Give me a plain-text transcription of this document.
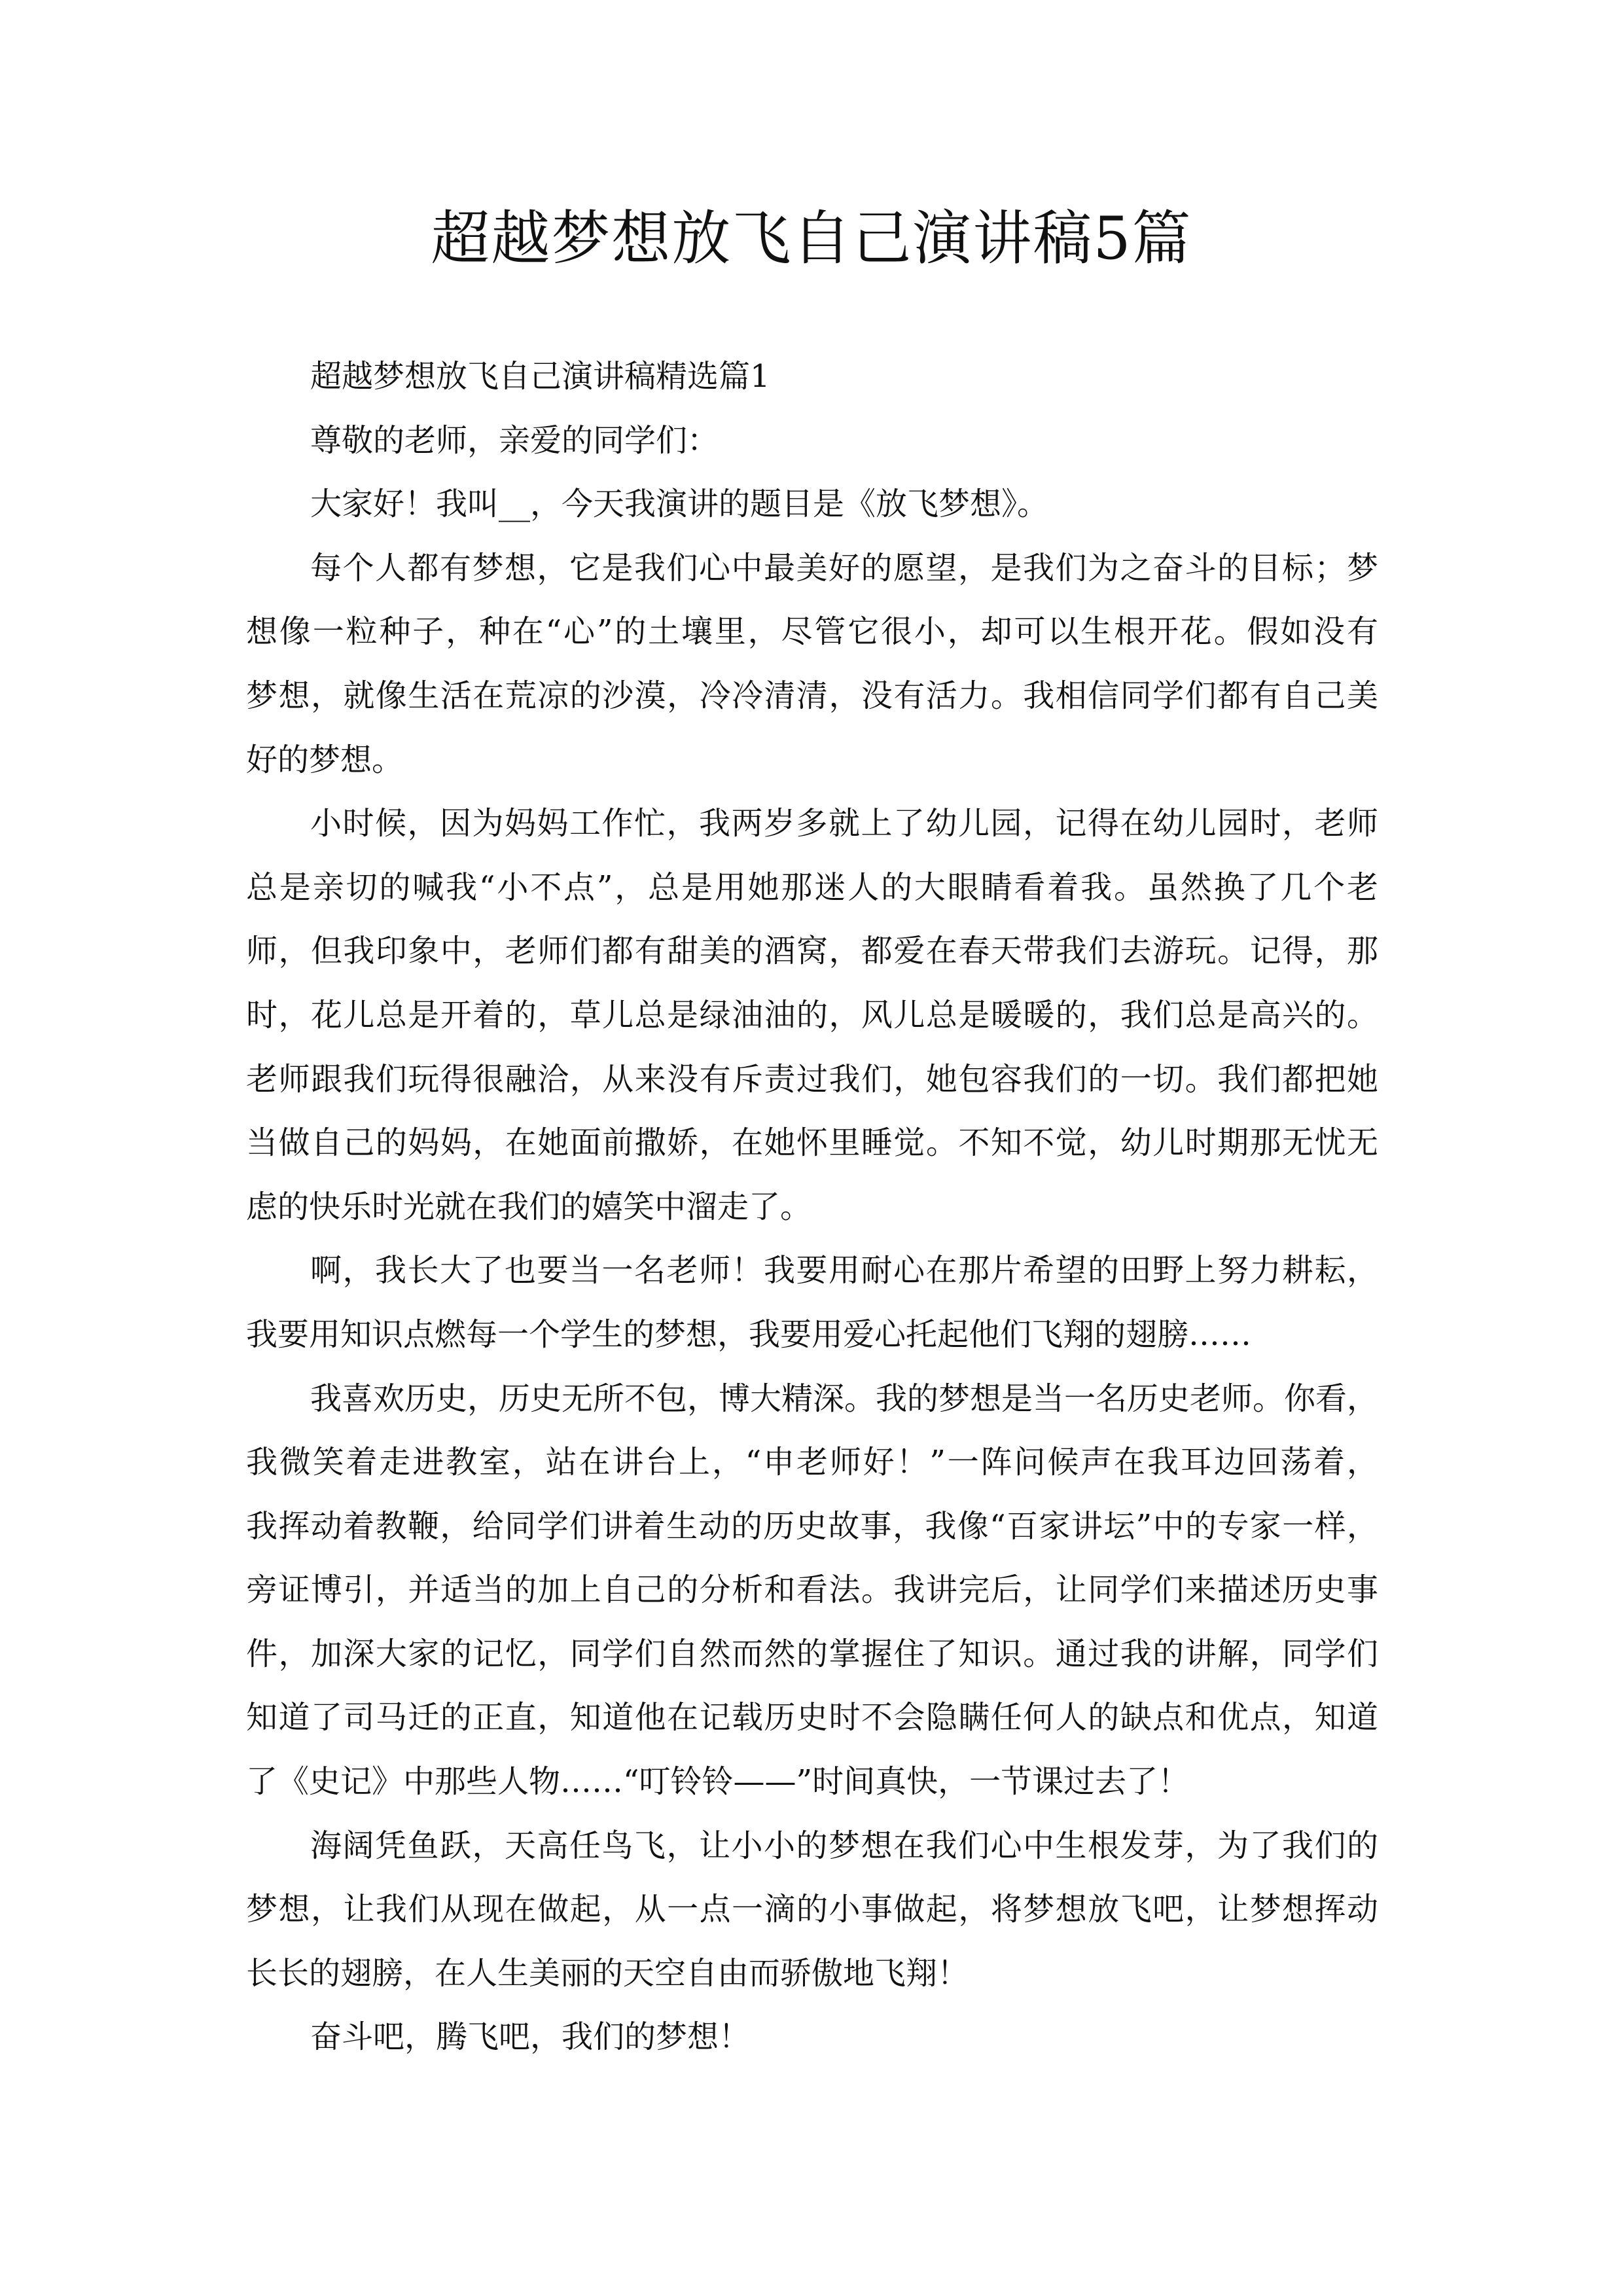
超越梦想放飞自己演讲稿5篇
超越梦想放飞自己演讲稿精选篇1
尊敬的老师，亲爱的同学们：
大家好！我叫__，今天我演讲的题目是《放飞梦想》。
每个人都有梦想，它是我们心中最美好的愿望，是我们为之奋斗的目标；梦
想像一粒种子，种在“心”的土壤里，尽管它很小，却可以生根开花。假如没有
梦想，就像生活在荒凉的沙漠，冷冷清清，没有活力。我相信同学们都有自己美
好的梦想。
小时候，因为妈妈工作忙，我两岁多就上了幼儿园，记得在幼儿园时，老师
总是亲切的喊我“小不点”，总是用她那迷人的大眼睛看着我。虽然换了几个老
师，但我印象中，老师们都有甜美的酒窝，都爱在春天带我们去游玩。记得，那
时，花儿总是开着的，草儿总是绿油油的，风儿总是暖暖的，我们总是高兴的。
老师跟我们玩得很融洽，从来没有斥责过我们，她包容我们的一切。我们都把她
当做自己的妈妈，在她面前撒娇，在她怀里睡觉。不知不觉，幼儿时期那无忧无
虑的快乐时光就在我们的嬉笑中溜走了。
啊，我长大了也要当一名老师！我要用耐心在那片希望的田野上努力耕耘，
我要用知识点燃每一个学生的梦想，我要用爱心托起他们飞翔的翅膀……
我喜欢历史，历史无所不包，博大精深。我的梦想是当一名历史老师。你看，
我微笑着走进教室，站在讲台上，“申老师好！”一阵问候声在我耳边回荡着，
我挥动着教鞭，给同学们讲着生动的历史故事，我像“百家讲坛”中的专家一样，
旁证博引，并适当的加上自己的分析和看法。我讲完后，让同学们来描述历史事
件，加深大家的记忆，同学们自然而然的掌握住了知识。通过我的讲解，同学们
知道了司马迁的正直，知道他在记载历史时不会隐瞒任何人的缺点和优点，知道
了《史记》中那些人物……“叮铃铃——”时间真快，一节课过去了！
海阔凭鱼跃，天高任鸟飞，让小小的梦想在我们心中生根发芽，为了我们的
梦想，让我们从现在做起，从一点一滴的小事做起，将梦想放飞吧，让梦想挥动
长长的翅膀，在人生美丽的天空自由而骄傲地飞翔！
奋斗吧，腾飞吧，我们的梦想！
